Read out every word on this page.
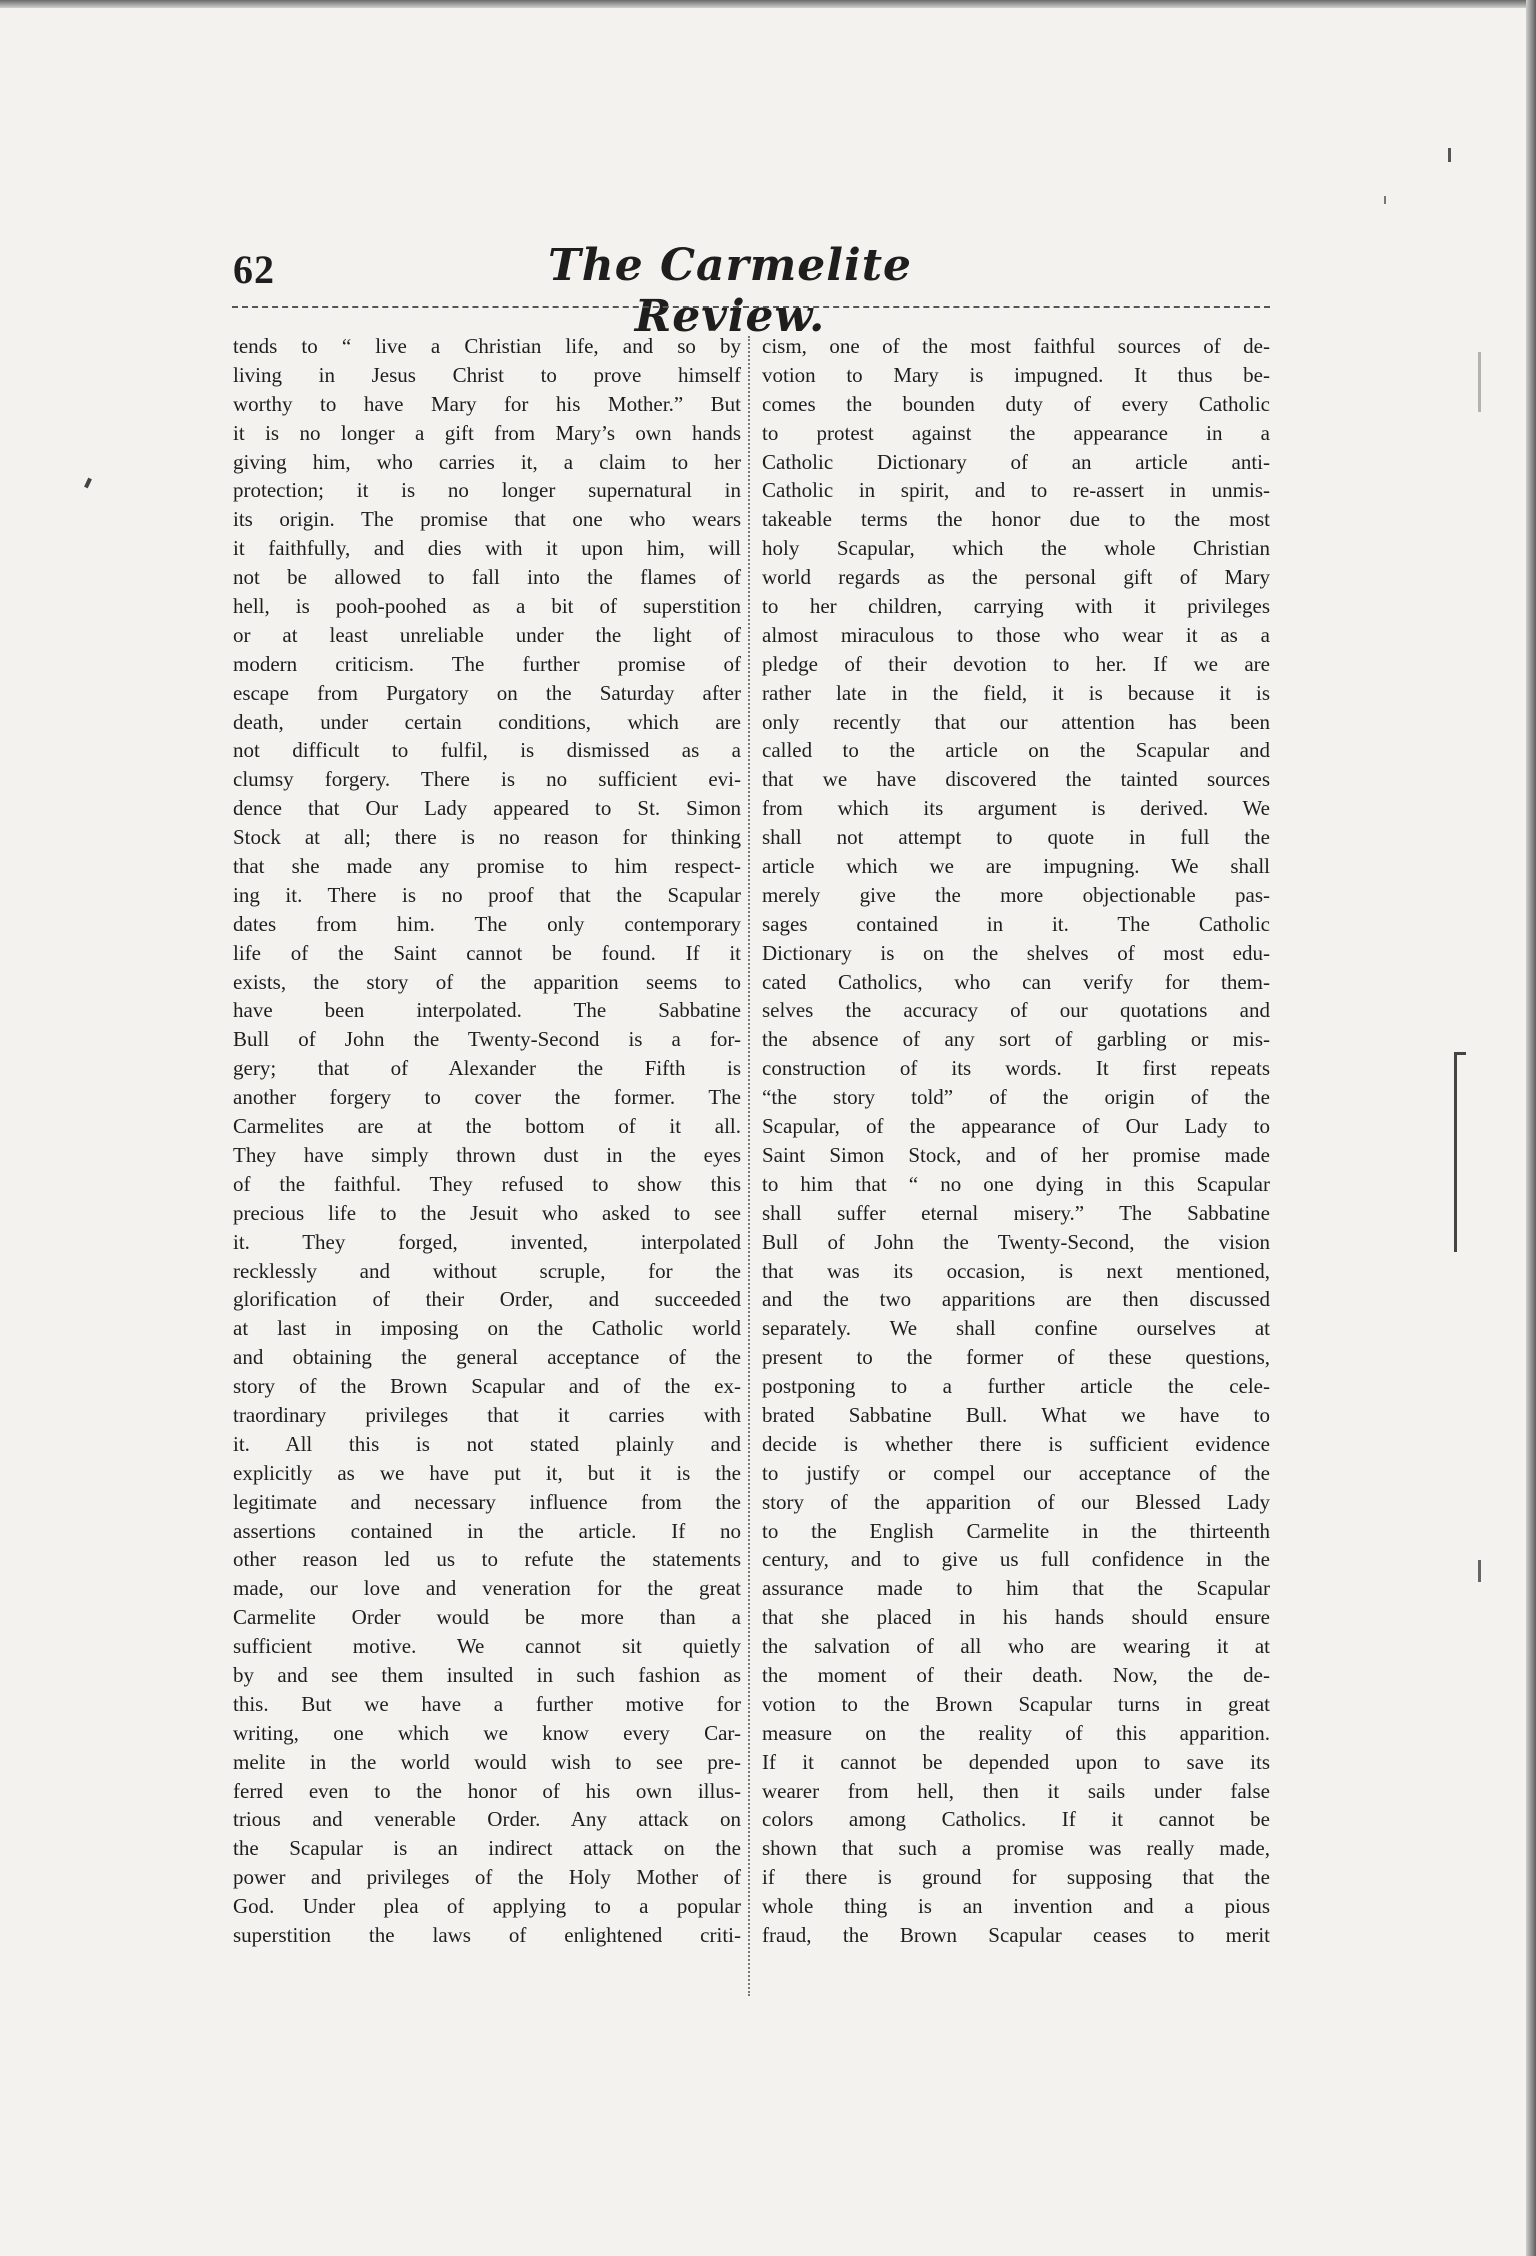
62	The Carmelite Review.
tends to “ live a Christian life, and so by
living in Jesus Christ to prove himself
worthy to have Mary for his Mother.” But
it is no longer a gift from Mary’s own hands
giving him, who carries it, a claim to her
protection; it is no longer supernatural in
its origin. The promise that one who wears
it faithfully, and dies with it upon him, will
not be allowed to fall into the flames of
hell, is pooh-poohed as a bit of superstition
or at least unreliable under the light of
modern criticism. The further promise of
escape from Purgatory on the Saturday after
death, under certain conditions, which are
not difficult to fulfil, is dismissed as a
clumsy forgery. There is no sufficient evi-
dence that Our Lady appeared to St. Simon
Stock at all; there is no reason for thinking
that she made any promise to him respect-
ing it. There is no proof that the Scapular
dates from him. The only contemporary
life of the Saint cannot be found. If it
exists, the story of the apparition seems to
have been interpolated. The Sabbatine
Bull of John the Twenty-Second is a for-
gery; that of Alexander the Fifth is
another forgery to cover the former. The
Carmelites are at the bottom of it all.
They have simply thrown dust in the eyes
of the faithful. They refused to show this
precious life to the Jesuit who asked to see
it. They forged, invented, interpolated
recklessly and without scruple, for the
glorification of their Order, and succeeded
at last in imposing on the Catholic world
and obtaining the general acceptance of the
story of the Brown Scapular and of the ex-
traordinary privileges that it carries with
it. All this is not stated plainly and
explicitly as we have put it, but it is the
legitimate and necessary influence from the
assertions contained in the article. If no
other reason led us to refute the statements
made, our love and veneration for the great
Carmelite Order would be more than a
sufficient motive. We cannot sit quietly
by and see them insulted in such fashion as
this. But we have a further motive for
writing, one which we know every Car-
melite in the world would wish to see pre-
ferred even to the honor of his own illus-
trious and venerable Order. Any attack on
the Scapular is an indirect attack on the
power and privileges of the Holy Mother of
God. Under plea of applying to a popular
superstition the laws of enlightened criti-
cism, one of the most faithful sources of de-
votion to Mary is impugned. It thus be-
comes the bounden duty of every Catholic
to protest against the appearance in a
Catholic Dictionary of an article anti-
Catholic in spirit, and to re-assert in unmis-
takeable terms the honor due to the most
holy Scapular, which the whole Christian
world regards as the personal gift of Mary
to her children, carrying with it privileges
almost miraculous to those who wear it as a
pledge of their devotion to her. If we are
rather late in the field, it is because it is
only recently that our attention has been
called to the article on the Scapular and
that we have discovered the tainted sources
from which its argument is derived. We
shall not attempt to quote in full the
article which we are impugning. We shall
merely give the more objectionable pas-
sages contained in it. The Catholic
Dictionary is on the shelves of most edu-
cated Catholics, who can verify for them-
selves the accuracy of our quotations and
the absence of any sort of garbling or mis-
construction of its words. It first repeats
“the story told” of the origin of the
Scapular, of the appearance of Our Lady to
Saint Simon Stock, and of her promise made
to him that “ no one dying in this Scapular
shall suffer eternal misery.” The Sabbatine
Bull of John the Twenty-Second, the vision
that was its occasion, is next mentioned,
and the two apparitions are then discussed
separately. We shall confine ourselves at
present to the former of these questions,
postponing to a further article the cele-
brated Sabbatine Bull. What we have to
decide is whether there is sufficient evidence
to justify or compel our acceptance of the
story of the apparition of our Blessed Lady
to the English Carmelite in the thirteenth
century, and to give us full confidence in the
assurance made to him that the Scapular
that she placed in his hands should ensure
the salvation of all who are wearing it at
the moment of their death. Now, the de-
votion to the Brown Scapular turns in great
measure on the reality of this apparition.
If it cannot be depended upon to save its
wearer from hell, then it sails under false
colors among Catholics. If it cannot be
shown that such a promise was really made,
if there is ground for supposing that the
whole thing is an invention and a pious
fraud, the Brown Scapular ceases to merit
